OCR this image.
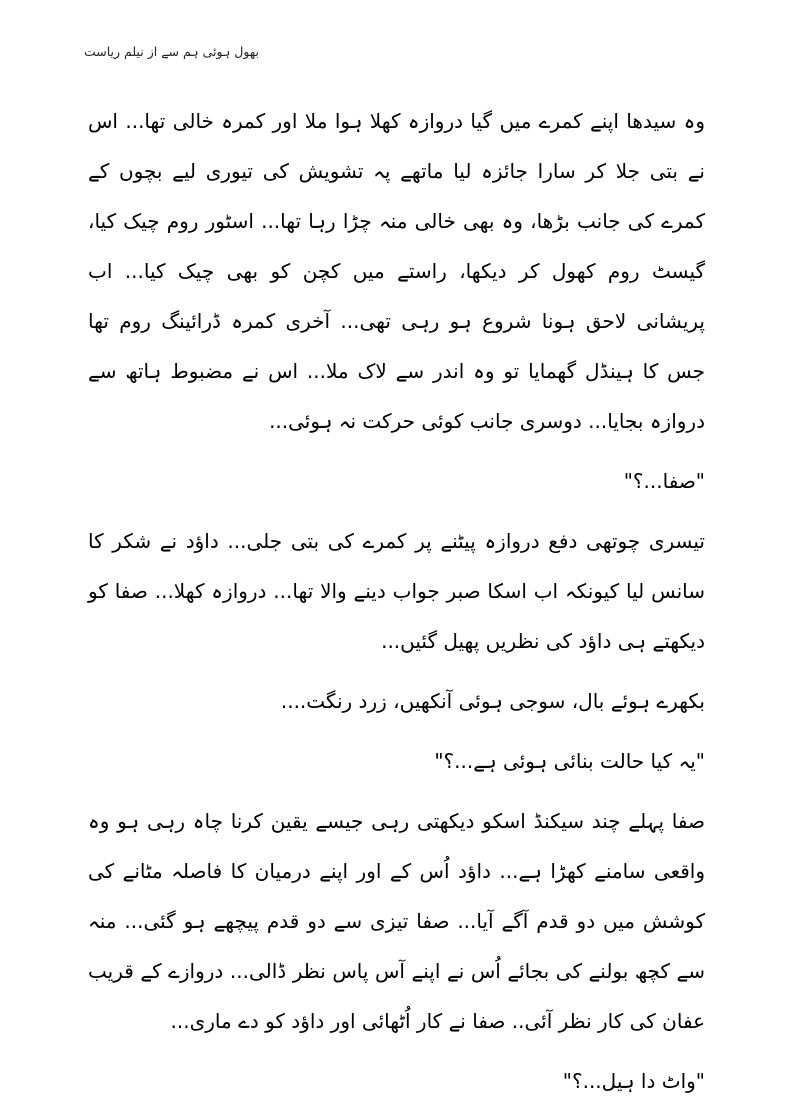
بھول ہوئی ہم سے از نیلم ریاست

وہ سیدھا اپنے کمرے میں گیا دروازہ کھلا ہوا ملا اور کمرہ خالی تھا... اس نے بتی جلا کر سارا جائزہ لیا ماتھے پہ تشویش کی تیوری لیے بچوں کے کمرے کی جانب بڑھا، وہ بھی خالی منہ چڑا رہا تھا... اسٹور روم چیک کیا، گیسٹ روم کھول کر دیکھا، راستے میں کچن کو بھی چیک کیا... اب پریشانی لاحق ہونا شروع ہو رہی تھی... آخری کمرہ ڈرائینگ روم تھا جس کا ہینڈل گھمایا تو وہ اندر سے لاک ملا... اس نے مضبوط ہاتھ سے دروازہ بجایا... دوسری جانب کوئی حرکت نہ ہوئی...

"صفا...؟"

تیسری چوتھی دفع دروازہ پیٹنے پر کمرے کی بتی جلی... داؤد نے شکر کا سانس لیا کیونکہ اب اسکا صبر جواب دینے والا تھا... دروازہ کھلا... صفا کو دیکھتے ہی داؤد کی نظریں پھیل گئیں...

بکھرے ہوئے بال، سوجی ہوئی آنکھیں، زرد رنگت....

"یہ کیا حالت بنائی ہوئی ہے...؟"

صفا پہلے چند سیکنڈ اسکو دیکھتی رہی جیسے یقین کرنا چاہ رہی ہو وہ واقعی سامنے کھڑا ہے... داؤد اُس کے اور اپنے درمیان کا فاصلہ مٹانے کی کوشش میں دو قدم آگے آیا... صفا تیزی سے دو قدم پیچھے ہو گئی... منہ سے کچھ بولنے کی بجائے اُس نے اپنے آس پاس نظر ڈالی... دروازے کے قریب عفان کی کار نظر آئی.. صفا نے کار اُٹھائی اور داؤد کو دے ماری...

"واٹ دا ہیل...؟"
